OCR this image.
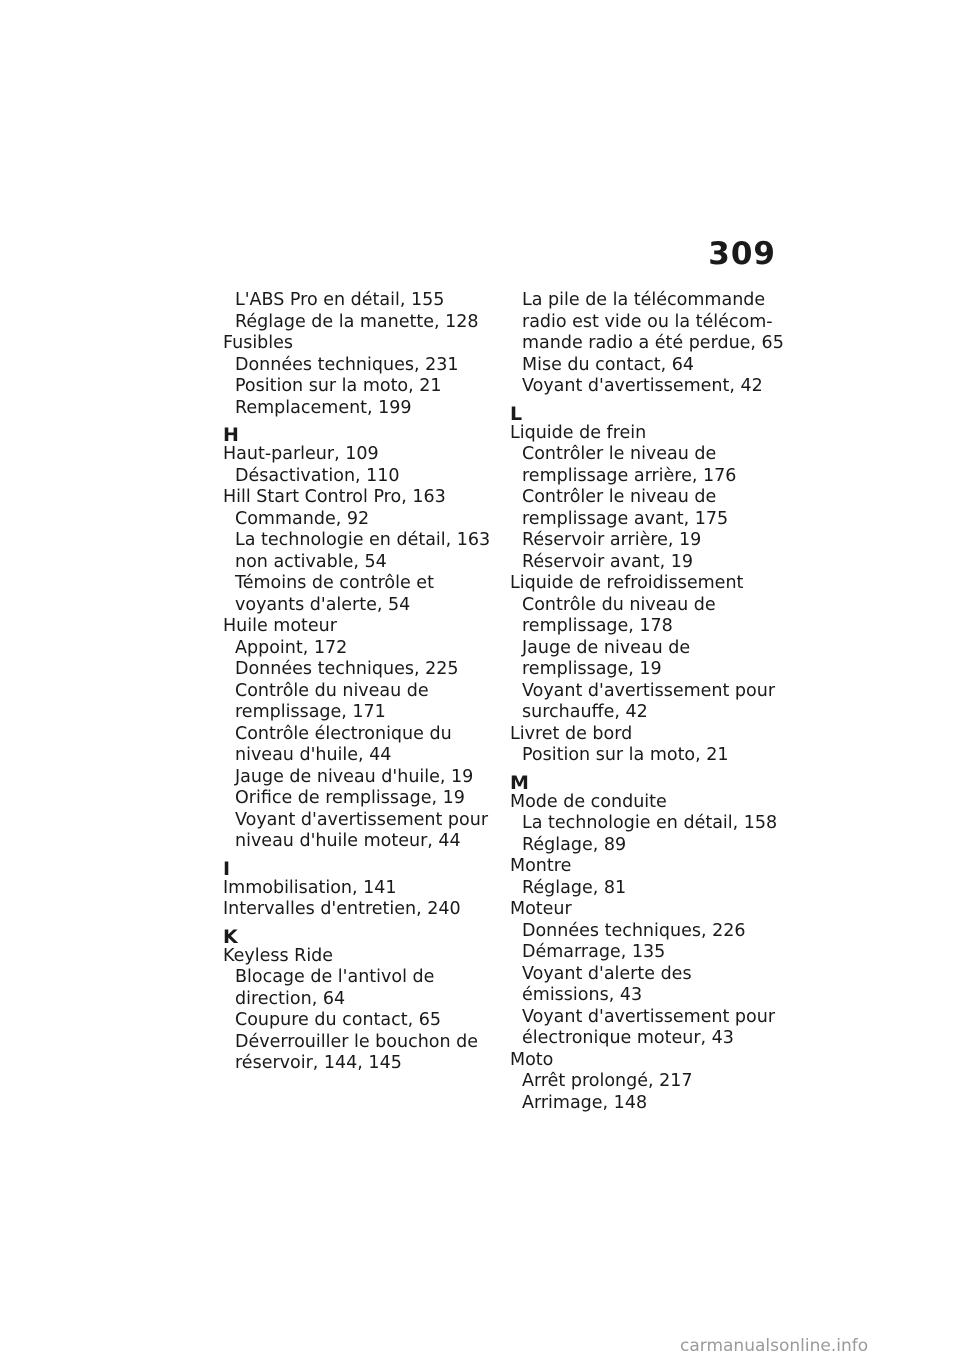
309
L'ABS Pro en détail, 155
Réglage de la manette, 128
Fusibles
Données techniques, 231
Position sur la moto, 21
Remplacement, 199
H
Haut-parleur, 109
Désactivation, 110
Hill Start Control Pro, 163
Commande, 92
La technologie en détail, 163
non activable, 54
Témoins de contrôle et
voyants d'alerte, 54
Huile moteur
Appoint, 172
Données techniques, 225
Contrôle du niveau de
remplissage, 171
Contrôle électronique du
niveau d'huile, 44
Jauge de niveau d'huile, 19
Orifice de remplissage, 19
Voyant d'avertissement pour
niveau d'huile moteur, 44
I
Immobilisation, 141
Intervalles d'entretien, 240
K
Keyless Ride
Blocage de l'antivol de
direction, 64
Coupure du contact, 65
Déverrouiller le bouchon de
réservoir, 144, 145
La pile de la télécommande
radio est vide ou la télécom-
mande radio a été perdue, 65
Mise du contact, 64
Voyant d'avertissement, 42
L
Liquide de frein
Contrôler le niveau de
remplissage arrière, 176
Contrôler le niveau de
remplissage avant, 175
Réservoir arrière, 19
Réservoir avant, 19
Liquide de refroidissement
Contrôle du niveau de
remplissage, 178
Jauge de niveau de
remplissage, 19
Voyant d'avertissement pour
surchauffe, 42
Livret de bord
Position sur la moto, 21
M
Mode de conduite
La technologie en détail, 158
Réglage, 89
Montre
Réglage, 81
Moteur
Données techniques, 226
Démarrage, 135
Voyant d'alerte des
émissions, 43
Voyant d'avertissement pour
électronique moteur, 43
Moto
Arrêt prolongé, 217
Arrimage, 148
carmanualsonline.info
